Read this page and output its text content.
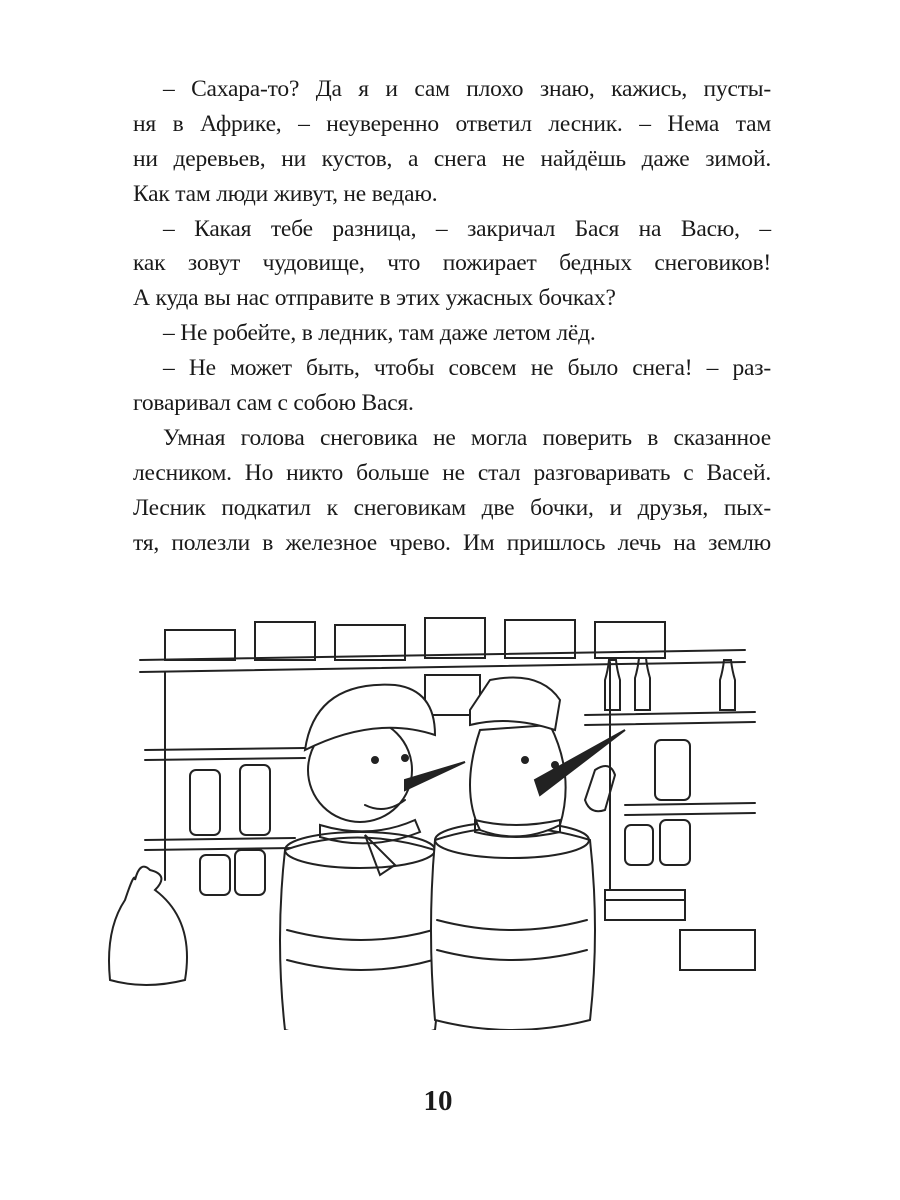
– Сахара-то? Да я и сам плохо знаю, кажись, пусты-
ня в Африке, – неуверенно ответил лесник. – Нема там
ни деревьев, ни кустов, а снега не найдёшь даже зимой.
Как там люди живут, не ведаю.
– Какая тебе разница, – закричал Бася на Васю, –
как зовут чудовище, что пожирает бедных снеговиков!
А куда вы нас отправите в этих ужасных бочках?
– Не робейте, в ледник, там даже летом лёд.
– Не может быть, чтобы совсем не было снега! – раз-
говаривал сам с собою Вася.
Умная голова снеговика не могла поверить в сказанное
лесником. Но никто больше не стал разговаривать с Васей.
Лесник подкатил к снеговикам две бочки, и друзья, пых-
тя, полезли в железное чрево. Им пришлось лечь на землю
10
